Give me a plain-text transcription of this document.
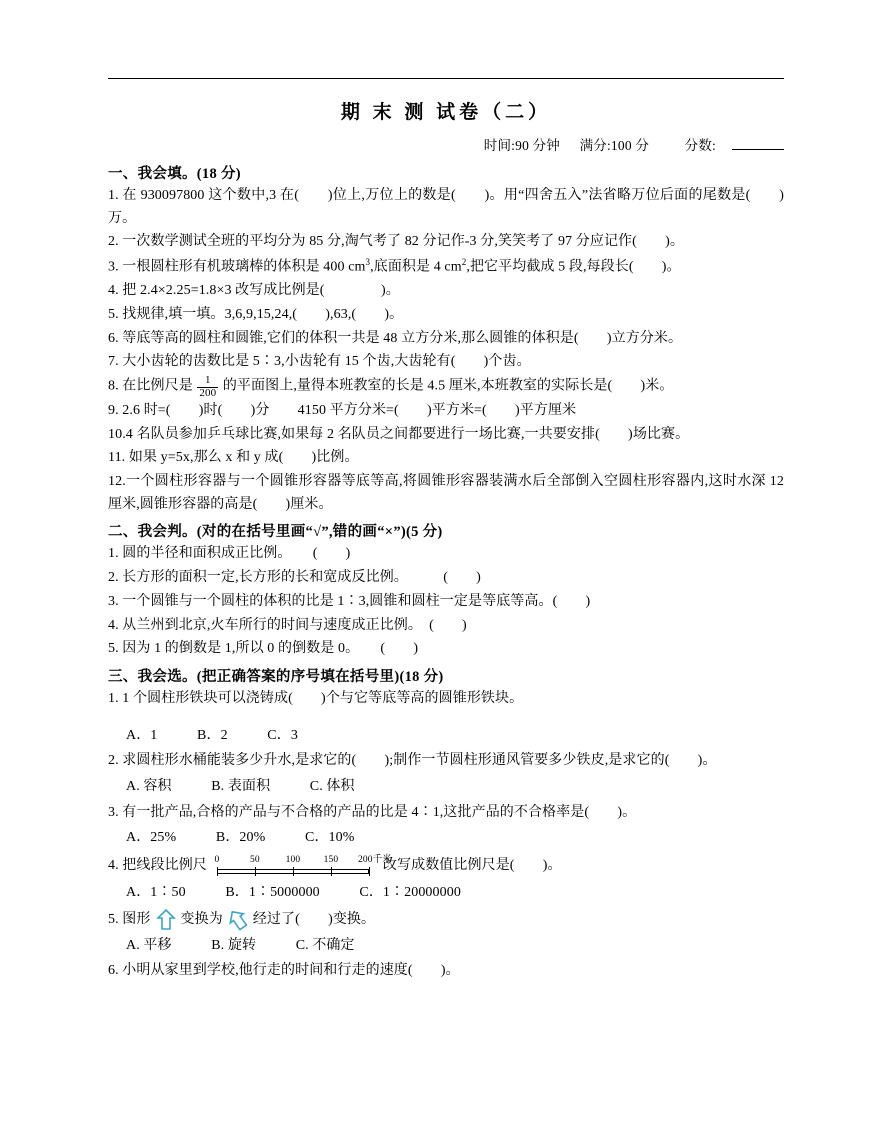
期 末 测 试卷（二）
时间:90 分钟 满分:100 分	分数:
一、我会填。(18 分)
1. 在 930097800 这个数中,3 在(　　)位上,万位上的数是(　　)。用“四舍五入”法省略万位后面的尾数是(　　)万。
2. 一次数学测试全班的平均分为 85 分,淘气考了 82 分记作-3 分,笑笑考了 97 分应记作(　　)。
3. 一根圆柱形有机玻璃棒的体积是 400 $cm^3$,底面积是 4 $cm^2$,把它平均截成 5 段,每段长(　　)。
4. 把 2.4×2.25=1.8×3 改写成比例是(　　　　)。
5. 找规律,填一填。3,6,9,15,24,(　　),63,(　　)。
6. 等底等高的圆柱和圆锥,它们的体积一共是 48 立方分米,那么圆锥的体积是(　　)立方分米。
7. 大小齿轮的齿数比是 5∶3,小齿轮有 15 个齿,大齿轮有(　　)个齿。
8. 在比例尺是 $\frac{1}{200}$ 的平面图上,量得本班教室的长是 4.5 厘米,本班教室的实际长是(　　)米。
9. 2.6 时=(　　)时(　　)分　　4150 平方分米=(　　)平方米=(　　)平方厘米
10.4 名队员参加乒乓球比赛,如果每 2 名队员之间都要进行一场比赛,一共要安排(　　)场比赛。
11. 如果 y=5x,那么 x 和 y 成(　　)比例。
12.一个圆柱形容器与一个圆锥形容器等底等高,将圆锥形容器装满水后全部倒入空圆柱形容器内,这时水深 12 厘米,圆锥形容器的高是(　　)厘米。
二、我会判。(对的在括号里画“√”,错的画“×”)(5 分)
1. 圆的半径和面积成正比例。　　(　　)
2. 长方形的面积一定,长方形的长和宽成反比例。　　　(　　)
3. 一个圆锥与一个圆柱的体积的比是 1∶3,圆锥和圆柱一定是等底等高。(　　)
4. 从兰州到北京,火车所行的时间与速度成正比例。　(　　)
5. 因为 1 的倒数是 1,所以 0 的倒数是 0。　　(　　)
三、我会选。(把正确答案的序号填在括号里)(18 分)
1. 1 个圆柱形铁块可以浇铸成(　　)个与它等底等高的圆锥形铁块。
A．1	B．2	C．3
2. 求圆柱形水桶能装多少升水,是求它的(　　);制作一节圆柱形通风管要多少铁皮,是求它的(　　)。
A. 容积	B. 表面积	C. 体积
3. 有一批产品,合格的产品与不合格的产品的比是 4∶1,这批产品的不合格率是(　　)。
A．25%	B．20%	C．10%
4. 把线段比例尺 0	50	100 150 200千米
改写成数值比例尺是(　　)。
A．1∶50	B．1∶5000000	C．1∶20000000
5. 图形 变换为 经过了(　　)变换。
A. 平移	B. 旋转	C. 不确定
6. 小明从家里到学校,他行走的时间和行走的速度(　　)。
